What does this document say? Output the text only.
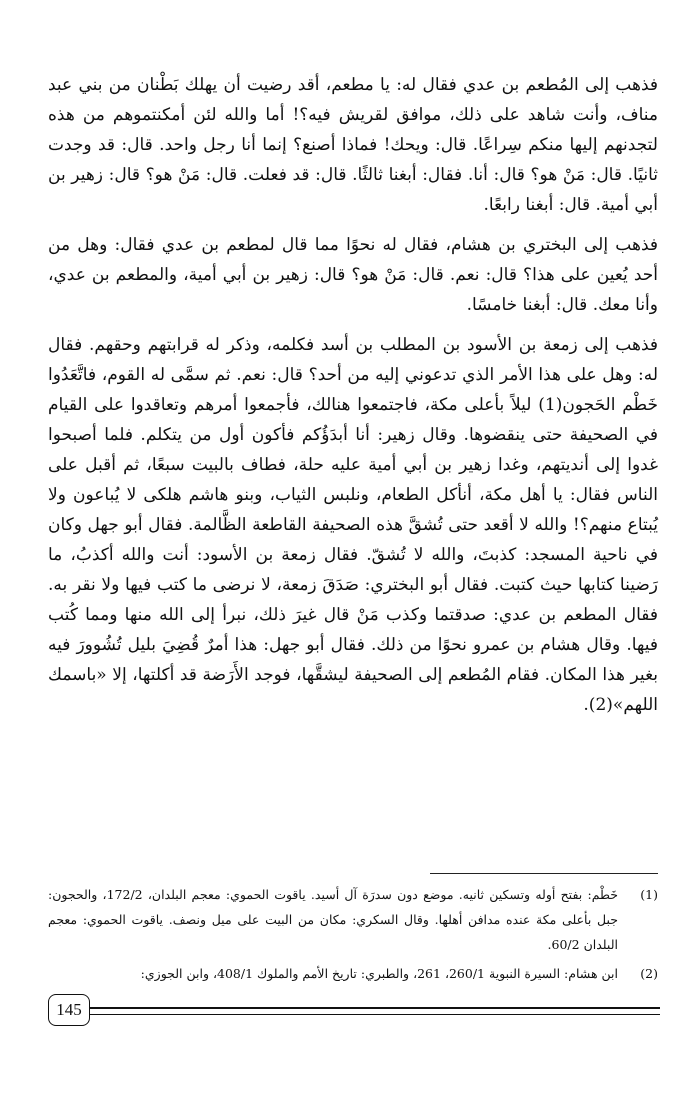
فذهب إلى المُطعم بن عدي فقال له: يا مطعم، أقد رضيت أن يهلك بَطْنان من بني عبد مناف، وأنت شاهد على ذلك، موافق لقريش فيه؟! أما والله لئن أمكنتموهم من هذه لتجدنهم إليها منكم سِراعًا. قال: ويحك! فماذا أصنع؟ إنما أنا رجل واحد. قال: قد وجدت ثانيًا. قال: مَنْ هو؟ قال: أنا. فقال: أبغنا ثالثًا. قال: قد فعلت. قال: مَنْ هو؟ قال: زهير بن أبي أمية. قال: أبغنا رابعًا.

فذهب إلى البختري بن هشام، فقال له نحوًا مما قال لمطعم بن عدي فقال: وهل من أحد يُعين على هذا؟ قال: نعم. قال: مَنْ هو؟ قال: زهير بن أبي أمية، والمطعم بن عدي، وأنا معك. قال: أبغنا خامسًا.

فذهب إلى زمعة بن الأسود بن المطلب بن أسد فكلمه، وذكر له قرابتهم وحقهم. فقال له: وهل على هذا الأمر الذي تدعوني إليه من أحد؟ قال: نعم. ثم سمَّى له القوم، فاتَّعَدُوا خَطْم الحَجون(1) ليلاً بأعلى مكة، فاجتمعوا هنالك، فأجمعوا أمرهم وتعاقدوا على القيام في الصحيفة حتى ينقضوها. وقال زهير: أنا أبدَؤُكم فأكون أول من يتكلم. فلما أصبحوا غدوا إلى أنديتهم، وغدا زهير بن أبي أمية عليه حلة، فطاف بالبيت سبعًا، ثم أقبل على الناس فقال: يا أهل مكة، أنأكل الطعام، ونلبس الثياب، وبنو هاشم هلكى لا يُباعون ولا يُبتاع منهم؟! والله لا أقعد حتى تُشقَّ هذه الصحيفة القاطعة الظَّالمة. فقال أبو جهل وكان في ناحية المسجد: كذبتَ، والله لا تُشقّ. فقال زمعة بن الأسود: أنت والله أكذبُ، ما رَضينا كتابها حيث كتبت. فقال أبو البختري: صَدَقَ زمعة، لا نرضى ما كتب فيها ولا نقر به. فقال المطعم بن عدي: صدقتما وكذب مَنْ قال غيرَ ذلك، نبرأ إلى الله منها ومما كُتب فيها. وقال هشام بن عمرو نحوًا من ذلك. فقال أبو جهل: هذا أمرٌ قُضِيَ بليل تُشُوورَ فيه بغير هذا المكان. فقام المُطعم إلى الصحيفة ليشقَّها، فوجد الأَرَضة قد أكلتها، إلا «باسمك اللهم»(2).

(1)
خَطْم: بفتح أوله وتسكين ثانيه. موضع دون سدرَة آل أسيد. ياقوت الحموي: معجم البلدان، 172/2، والحجون: جبل بأعلى مكة عنده مدافن أهلها. وقال السكري: مكان من البيت على ميل ونصف. ياقوت الحموي: معجم البلدان 60/2.
(2)
ابن هشام: السيرة النبوية 260/1، 261، والطبري: تاريخ الأمم والملوك 408/1، وابن الجوزي:
145
